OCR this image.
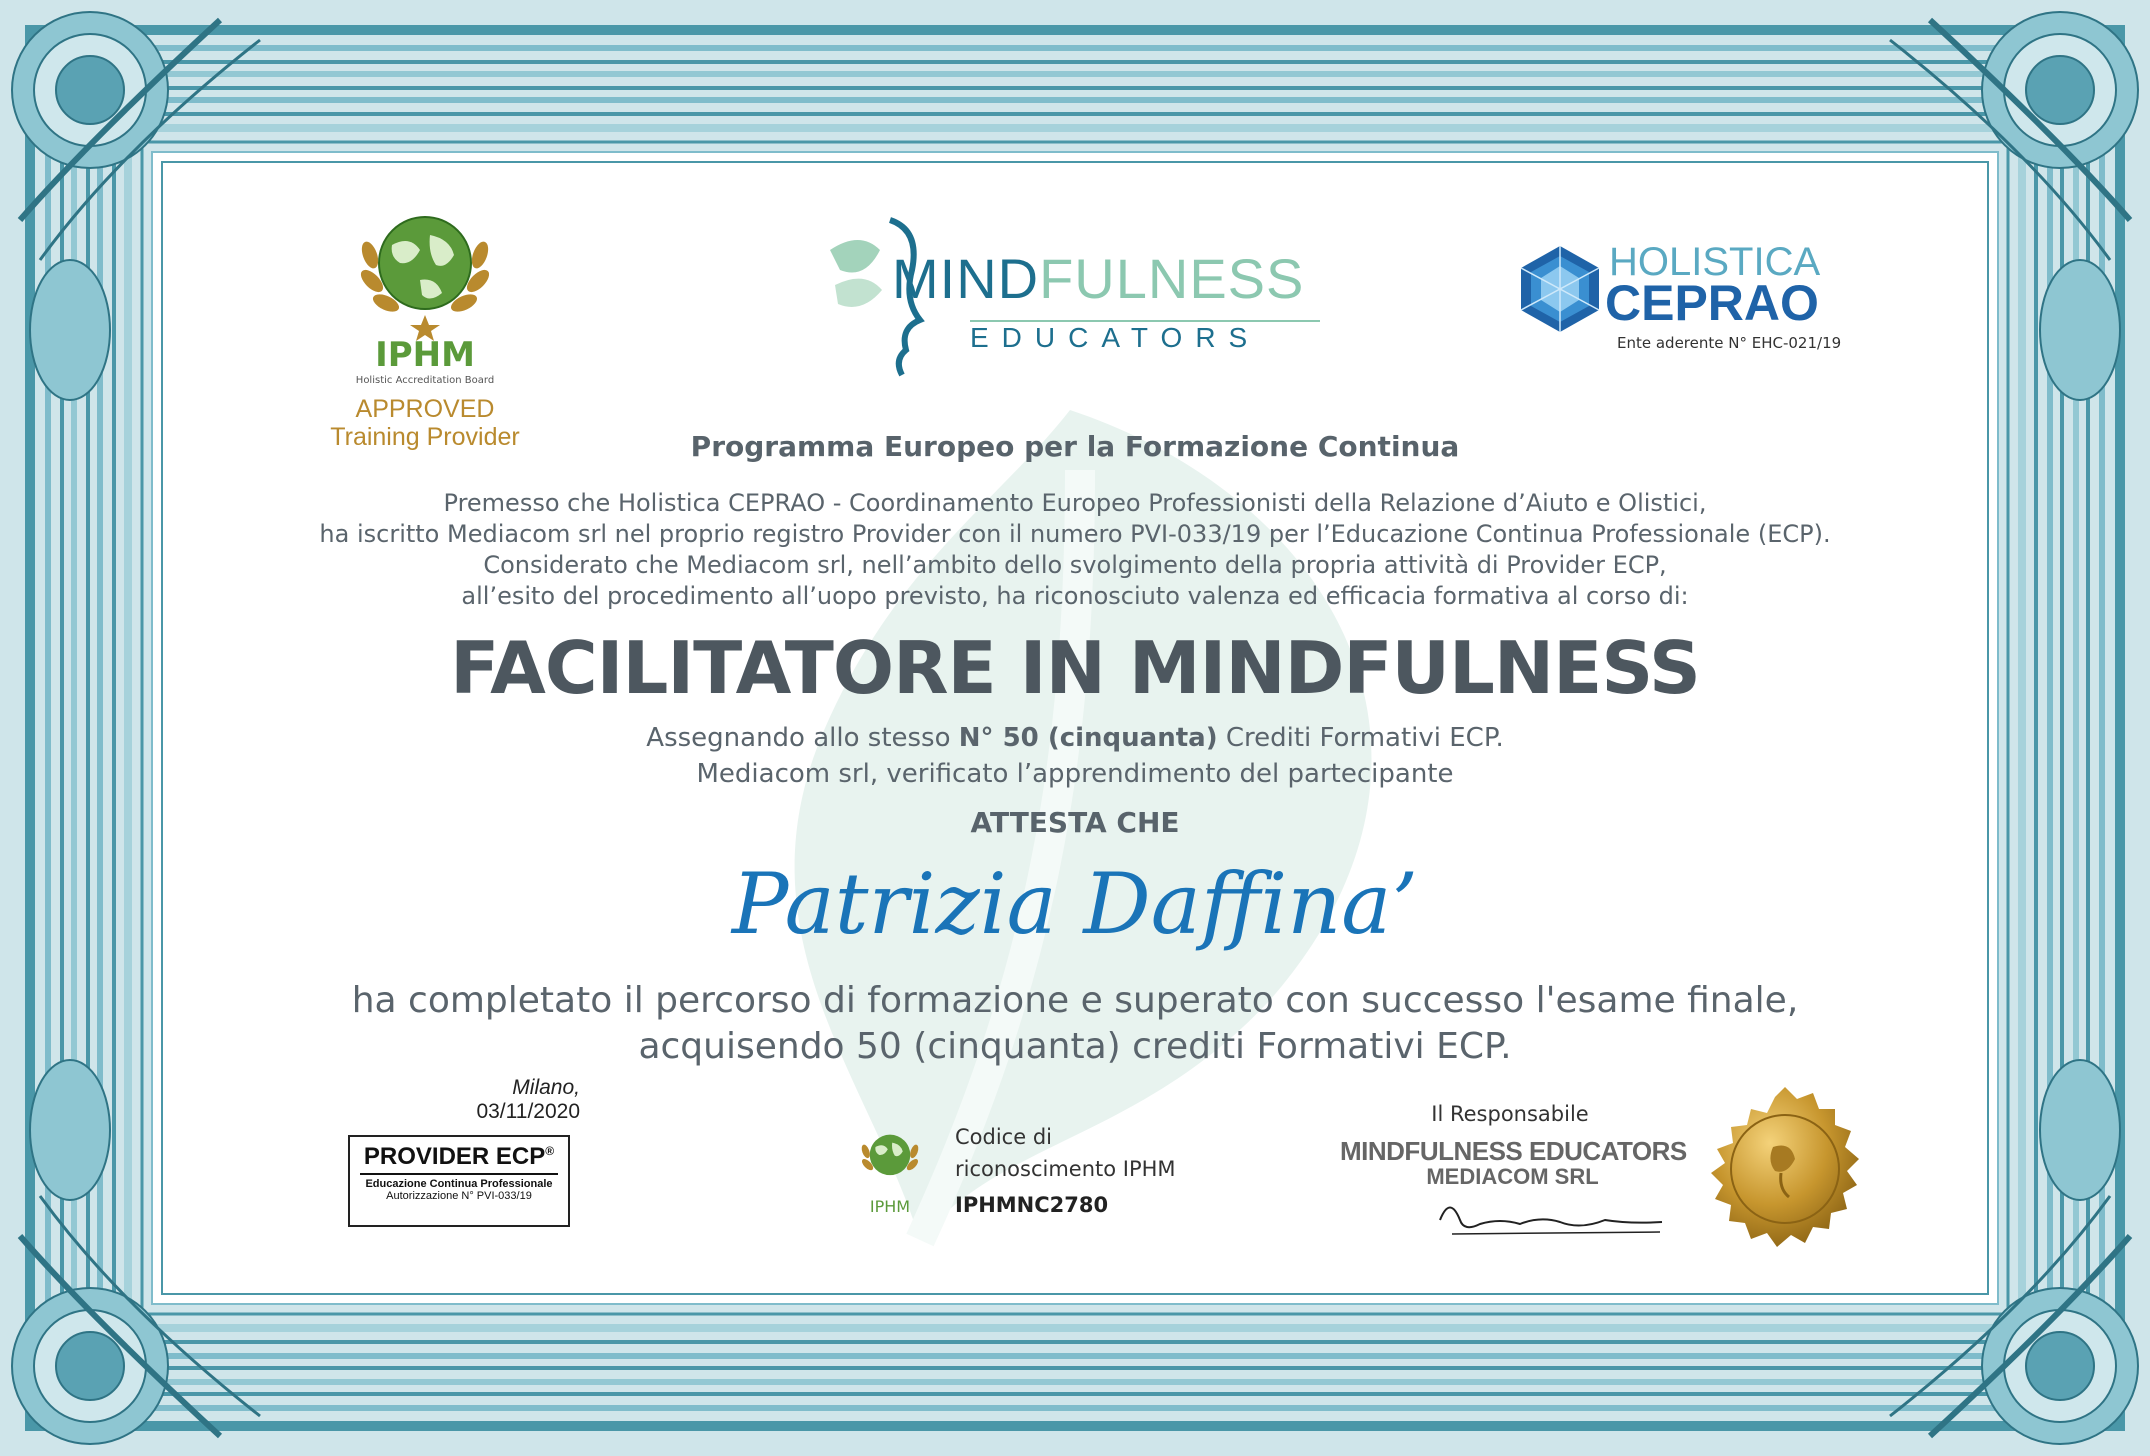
IPHM
Holistic Accreditation Board
APPROVED
Training Provider
MINDFULNESS
EDUCATORS
HOLISTICA
CEPRAO
Ente aderente N° EHC-021/19
Programma Europeo per la Formazione Continua
Premesso che Holistica CEPRAO - Coordinamento Europeo Professionisti della Relazione d’Aiuto e Olistici,
ha iscritto Mediacom srl nel proprio registro Provider con il numero PVI-033/19 per l’Educazione Continua Professionale (ECP).
Considerato che Mediacom srl, nell’ambito dello svolgimento della propria attività di Provider ECP,
all’esito del procedimento all’uopo previsto, ha riconosciuto valenza ed efficacia formativa al corso di:
FACILITATORE IN MINDFULNESS
Assegnando allo stesso N° 50 (cinquanta) Crediti Formativi ECP.
Mediacom srl, verificato l’apprendimento del partecipante
ATTESTA CHE
Patrizia Daffina’
ha completato il percorso di formazione e superato con successo l'esame finale,
acquisendo 50 (cinquanta) crediti Formativi ECP.
Milano,
03/11/2020
PROVIDER ECP®
Educazione Continua Professionale
Autorizzazione N° PVI-033/19
IPHM
Codice di
riconoscimento IPHM
IPHMNC2780
Il Responsabile
MINDFULNESS EDUCATORS
MEDIACOM SRL
